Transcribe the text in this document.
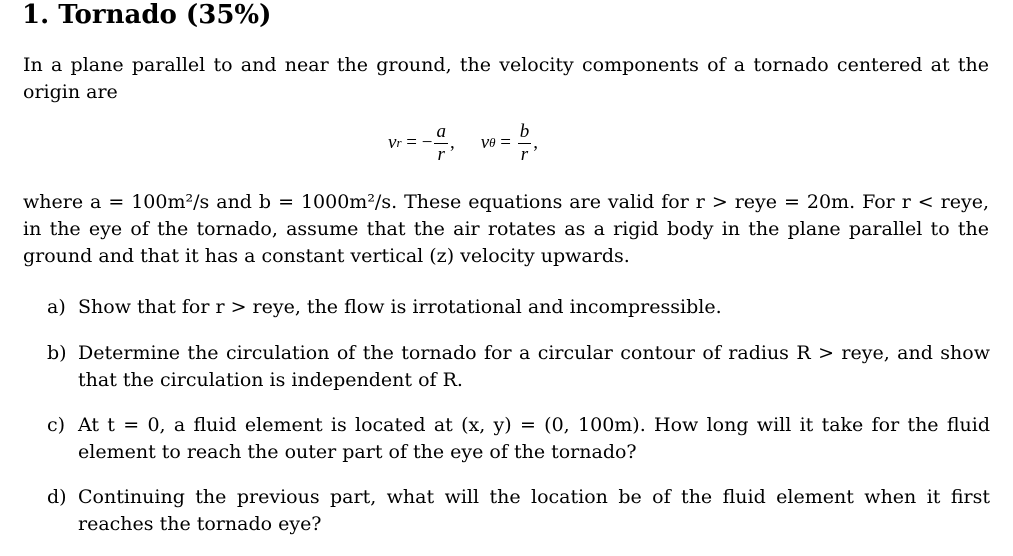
1. Tornado (35%)

In a plane parallel to and near the ground, the velocity components of a tornado centered at the origin are

v r = − $\frac{a}{r}$ , v $\theta = \frac{b}{r}$ ,

where a = 100m²/s and b = 1000m²/s. These equations are valid for r > reye = 20m. For r < reye, in the eye of the tornado, assume that the air rotates as a rigid body in the plane parallel to the ground and that it has a constant vertical (z) velocity upwards.

a) Show that for r > reye, the flow is irrotational and incompressible.
b) Determine the circulation of the tornado for a circular contour of radius R > reye, and show that the circulation is independent of R.
c) At t = 0, a fluid element is located at (x, y) = (0, 100m). How long will it take for the fluid element to reach the outer part of the eye of the tornado?
d) Continuing the previous part, what will the location be of the fluid element when it first reaches the tornado eye?
